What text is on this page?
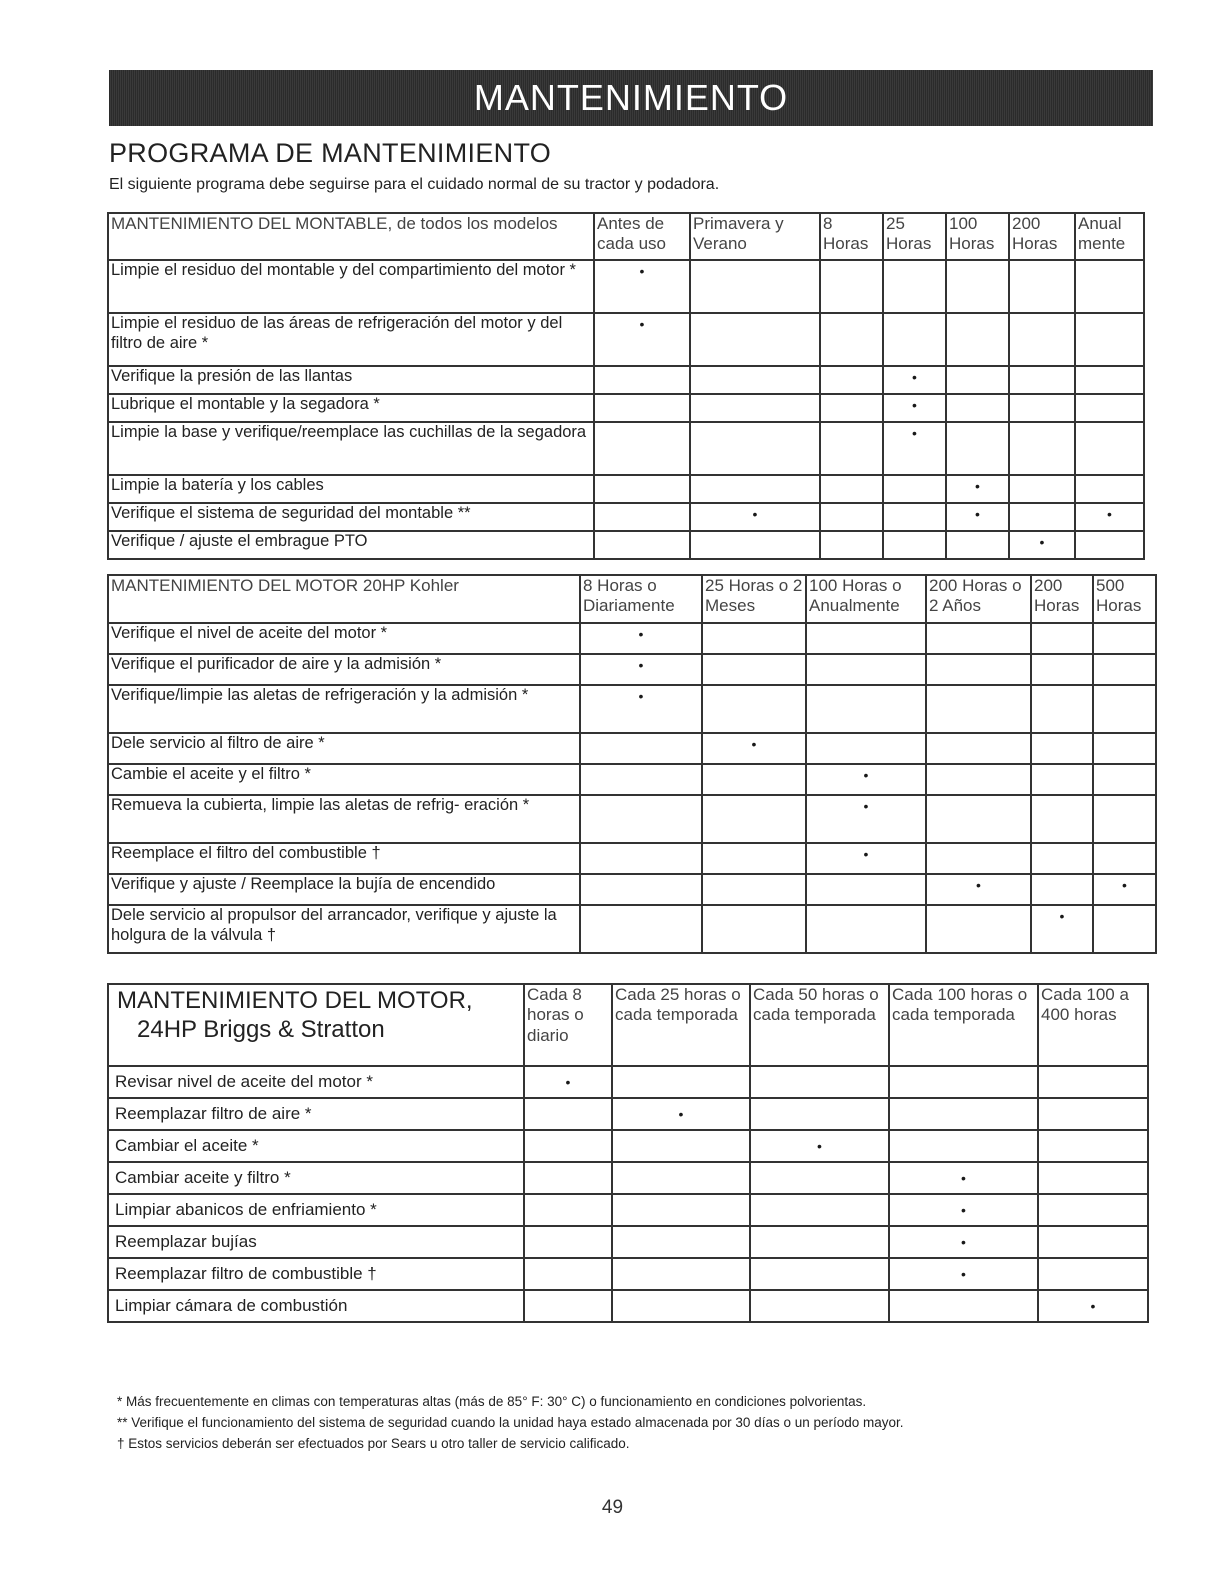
MANTENIMIENTO
PROGRAMA DE MANTENIMIENTO

El siguiente programa debe seguirse para el cuidado normal de su tractor y podadora.

MANTENIMIENTO DEL MONTABLE, de todos los modelos	Antes de cada uso	Primavera y Verano	8 Horas	25 Horas	100 Horas	200 Horas	Anual mente
Limpie el residuo del montable y del compartimiento del motor *	•						
Limpie el residuo de las áreas de refrigeración del motor y del filtro de aire *	•						
Verifique la presión de las llantas				•			
Lubrique el montable y la segadora *				•			
Limpie la base y verifique/reemplace las cuchillas de la segadora				•			
Limpie la batería y los cables					•		
Verifique el sistema de seguridad del montable **		•			•		•
Verifique / ajuste el embrague PTO						•	
MANTENIMIENTO DEL MOTOR 20HP Kohler	8 Horas o Diariamente	25 Horas o 2 Meses	100 Horas o Anualmente	200 Horas o 2 Años	200 Horas	500 Horas
Verifique el nivel de aceite del motor *	•					
Verifique el purificador de aire y la admisión *	•					
Verifique/limpie las aletas de refrigeración y la admisión *	•					
Dele servicio al filtro de aire *		•				
Cambie el aceite y el filtro *			•			
Remueva la cubierta, limpie las aletas de refrig- eración *			•			
Reemplace el filtro del combustible †			•			
Verifique y ajuste / Reemplace la bujía de encendido				•		•
Dele servicio al propulsor del arrancador, verifique y ajuste la holgura de la válvula †					•	
MANTENIMIENTO DEL MOTOR,
24HP Briggs & Stratton	Cada 8 horas o diario	Cada 25 horas o cada temporada	Cada 50 horas o cada temporada	Cada 100 horas o cada temporada	Cada 100 a 400 horas
Revisar nivel de aceite del motor *	•				
Reemplazar filtro de aire *		•			
Cambiar el aceite *			•		
Cambiar aceite y filtro *				•	
Limpiar abanicos de enfriamiento *				•	
Reemplazar bujías				•	
Reemplazar filtro de combustible †				•	
Limpiar cámara de combustión					•

* Más frecuentemente en climas con temperaturas altas (más de 85° F: 30° C) o funcionamiento en condiciones polvorientas.

** Verifique el funcionamiento del sistema de seguridad cuando la unidad haya estado almacenada por 30 días o un período mayor.

† Estos servicios deberán ser efectuados por Sears u otro taller de servicio calificado.

49
